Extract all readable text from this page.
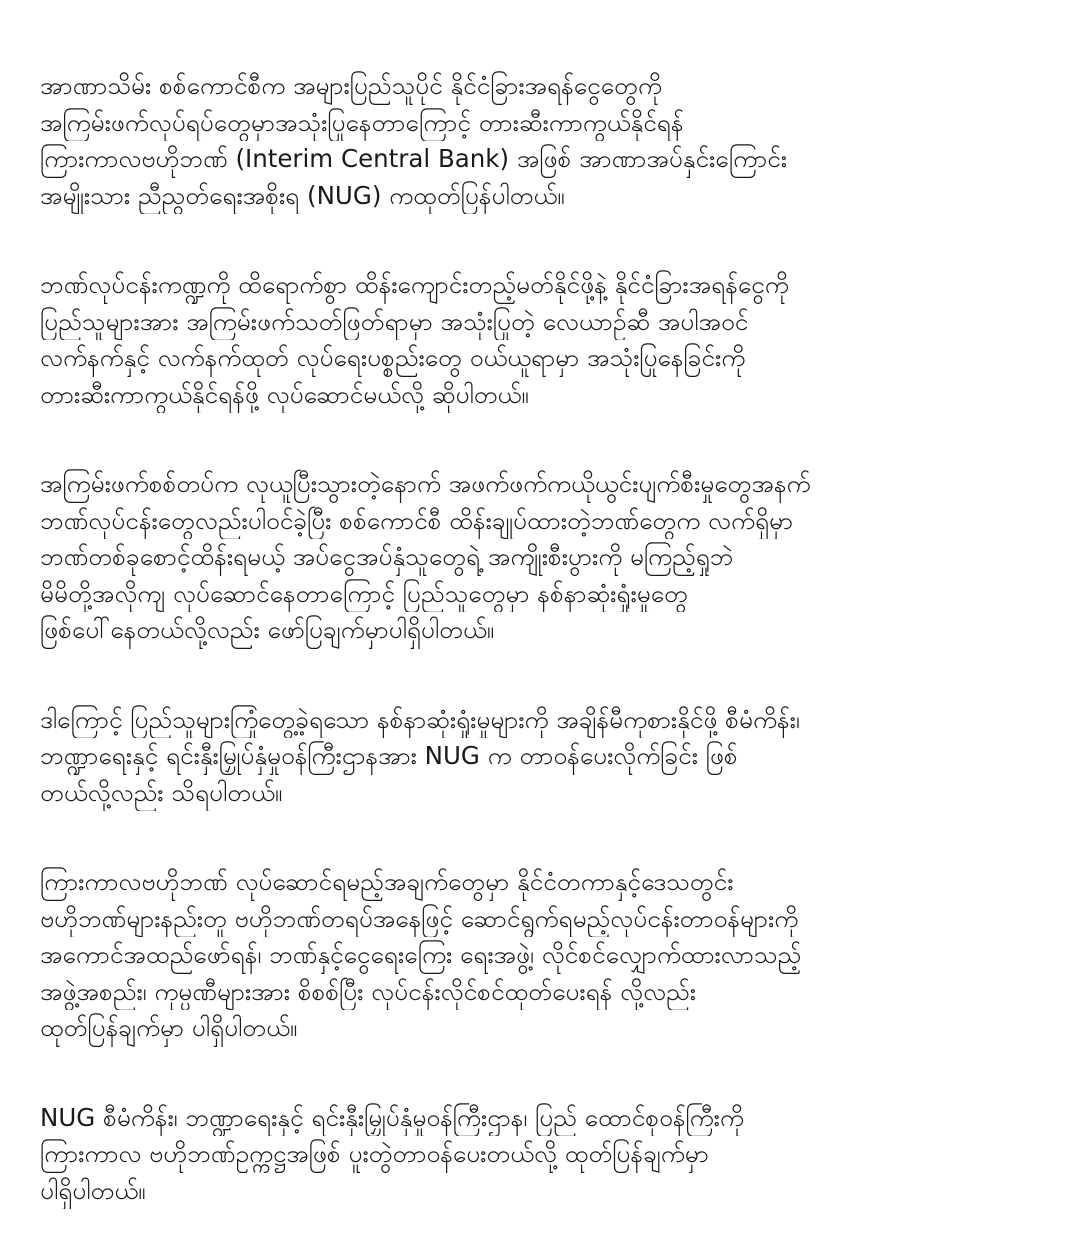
အာဏာသိမ်း စစ်ကောင်စီက အများပြည်သူပိုင် နိုင်ငံခြားအရန်ငွေတွေကို
အကြမ်းဖက်လုပ်ရပ်တွေမှာအသုံးပြုနေတာကြောင့် တားဆီးကာကွယ်နိုင်ရန်
ကြားကာလဗဟိုဘဏ် (Interim Central Bank) အဖြစ် အာဏာအပ်နှင်းကြောင်း
အမျိုးသား ညီညွတ်ရေးအစိုးရ (NUG) ကထုတ်ပြန်ပါတယ်။
ဘဏ်လုပ်ငန်းကဏ္ဍကို ထိရောက်စွာ ထိန်းကျောင်းတည့်မတ်နိုင်ဖို့နဲ့ နိုင်ငံခြားအရန်ငွေကို
ပြည်သူများအား အကြမ်းဖက်သတ်ဖြတ်ရာမှာ အသုံးပြုတဲ့ လေယာဉ်ဆီ အပါအဝင်
လက်နက်နှင့် လက်နက်ထုတ် လုပ်ရေးပစ္စည်းတွေ ဝယ်ယူရာမှာ အသုံးပြုနေခြင်းကို
တားဆီးကာကွယ်နိုင်ရန်ဖို့ လုပ်ဆောင်မယ်လို့ ဆိုပါတယ်။
အကြမ်းဖက်စစ်တပ်က လုယူပြီးသွားတဲ့နောက် အဖက်ဖက်ကယိုယွင်းပျက်စီးမှုတွေအနက်
ဘဏ်လုပ်ငန်းတွေလည်းပါဝင်ခဲ့ပြီး စစ်ကောင်စီ ထိန်းချုပ်ထားတဲ့ဘဏ်တွေက လက်ရှိမှာ
ဘဏ်တစ်ခုစောင့်ထိန်းရမယ့် အပ်ငွေအပ်နှံသူတွေရဲ့ အကျိုးစီးပွားကို မကြည့်ရှုဘဲ
မိမိတို့အလိုကျ လုပ်ဆောင်နေတာကြောင့် ပြည်သူတွေမှာ နစ်နာဆုံးရှုံးမှုတွေ
ဖြစ်ပေါ်နေတယ်လို့လည်း ဖော်ပြချက်မှာပါရှိပါတယ်။
ဒါကြောင့် ပြည်သူများကြုံတွေ့ခဲ့ရသော နစ်နာဆုံးရှုံးမှုများကို အချိန်မီကုစားနိုင်ဖို့ စီမံကိန်း၊
ဘဏ္ဍာရေးနှင့် ရင်းနှီးမြှုပ်နှံမှုဝန်ကြီးဌာနအား NUG က တာဝန်ပေးလိုက်ခြင်း ဖြစ်
တယ်လို့လည်း သိရပါတယ်။
ကြားကာလဗဟိုဘဏ် လုပ်ဆောင်ရမည့်အချက်တွေမှာ နိုင်ငံတကာနှင့်ဒေသတွင်း
ဗဟိုဘဏ်များနည်းတူ ဗဟိုဘဏ်တရပ်အနေဖြင့် ဆောင်ရွက်ရမည့်လုပ်ငန်းတာဝန်များကို
အကောင်အထည်ဖော်ရန်၊ ဘဏ်နှင့်ငွေရေးကြေး ရေးအဖွဲ့၊ လိုင်စင်လျှောက်ထားလာသည့်
အဖွဲ့အစည်း၊ ကုမ္ပဏီများအား စိစစ်ပြီး လုပ်ငန်းလိုင်စင်ထုတ်ပေးရန် လို့လည်း
ထုတ်ပြန်ချက်မှာ ပါရှိပါတယ်။
NUG စီမံကိန်း၊ ဘဏ္ဍာရေးနှင့် ရင်းနှီးမြှုပ်နှံမှုဝန်ကြီးဌာန၊ ပြည် ထောင်စုဝန်ကြီးကို
ကြားကာလ ဗဟိုဘဏ်ဥက္ကဋ္ဌအဖြစ် ပူးတွဲတာဝန်ပေးတယ်လို့ ထုတ်ပြန်ချက်မှာ
ပါရှိပါတယ်။
